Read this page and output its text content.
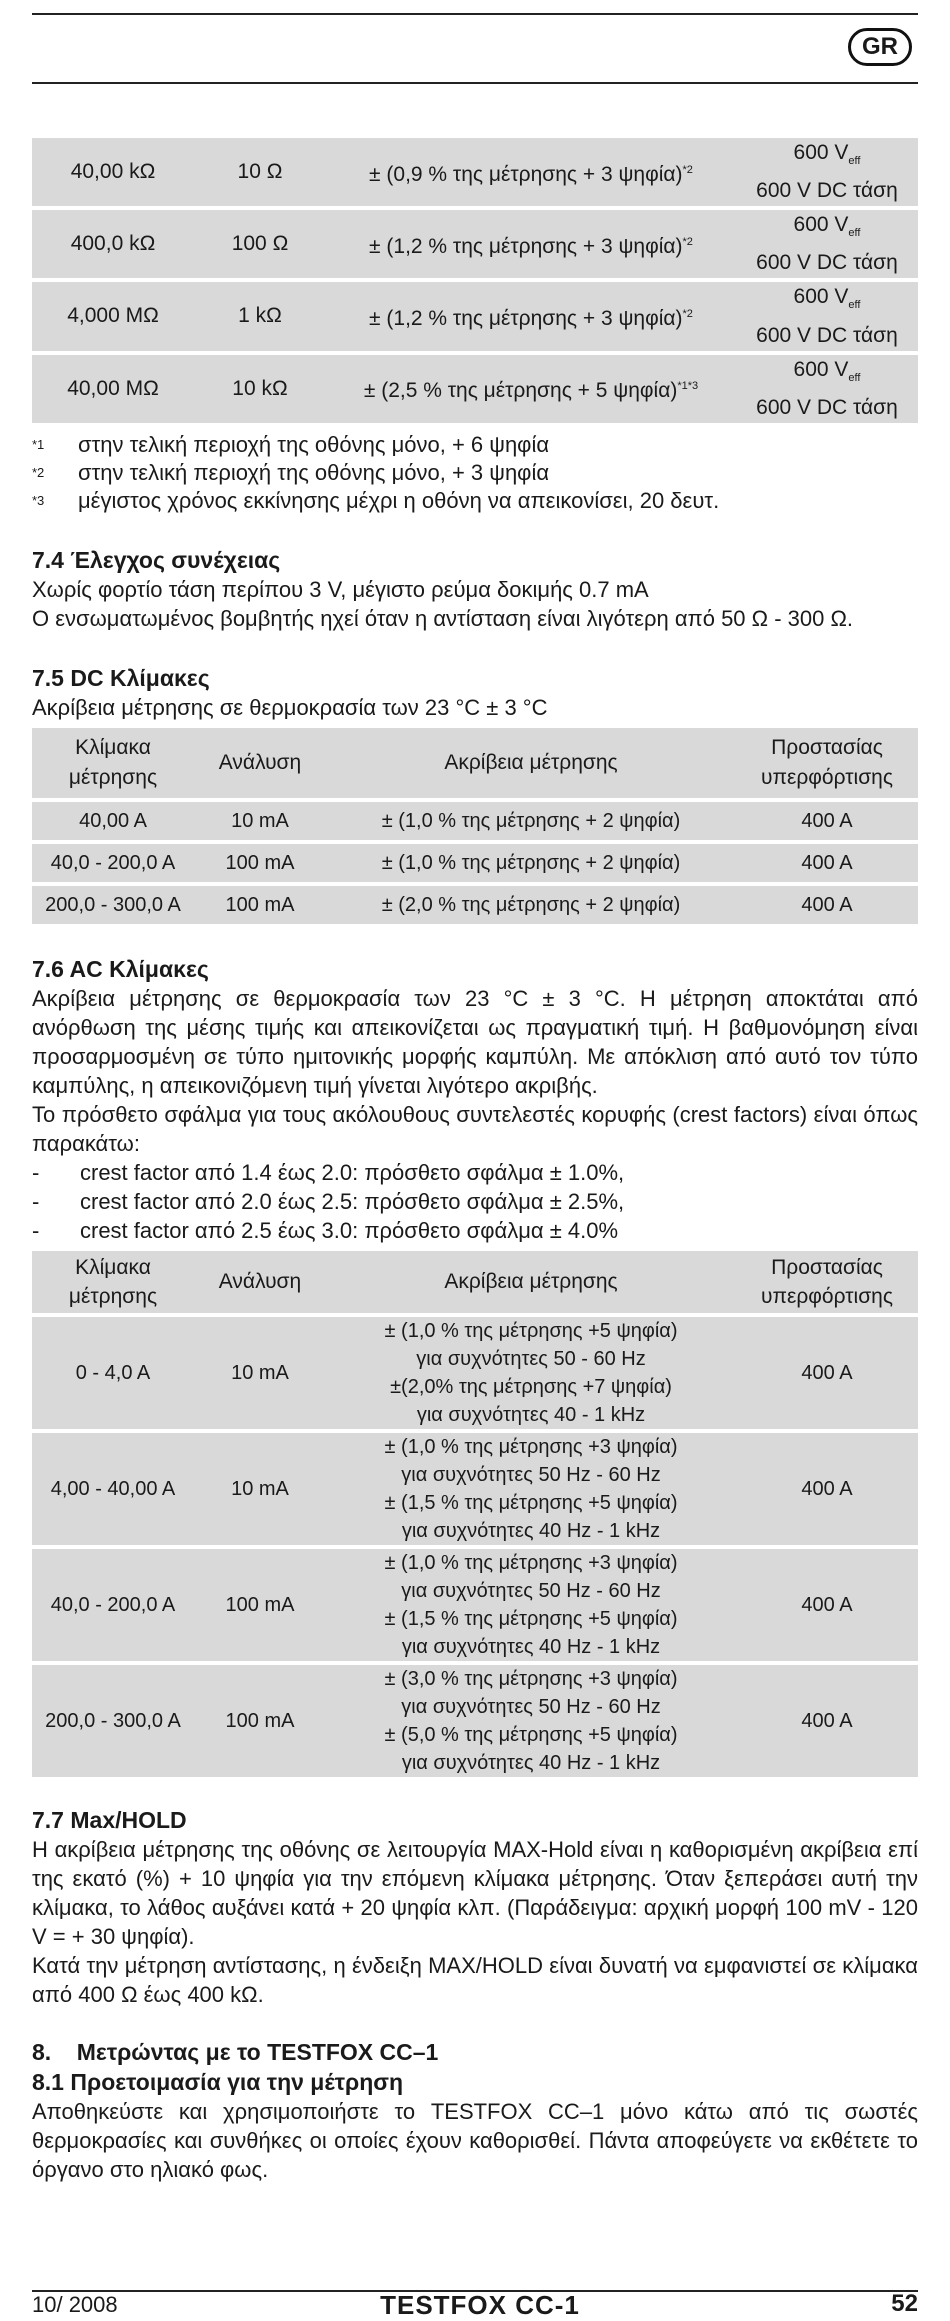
GR
40,00 kΩ	10 Ω	± (0,9 % της μέτρησης + 3 ψηφία)$^{*2}$	600 $V_{eff}$
600 V DC τάση
400,0 kΩ	100 Ω	± (1,2 % της μέτρησης + 3 ψηφία)$^{*2}$	600 $V_{eff}$
600 V DC τάση
4,000 MΩ	1 kΩ	± (1,2 % της μέτρησης + 3 ψηφία)$^{*2}$	600 $V_{eff}$
600 V DC τάση
40,00 MΩ	10 kΩ	± (2,5 % της μέτρησης + 5 ψηφία)$^{*1*3}$	600 $V_{eff}$
600 V DC τάση
*1	στην τελική περιοχή της οθόνης μόνο, + 6 ψηφία
*2	στην τελική περιοχή της οθόνης μόνο, + 3 ψηφία
*3	μέγιστος χρόνος εκκίνησης μέχρι η οθόνη να απεικονίσει, 20 δευτ.
7.4 Έλεγχος συνέχειας

Χωρίς φορτίο τάση περίπου 3 V, μέγιστο ρεύμα δοκιμής 0.7 mA

Ο ενσωματωμένος βομβητής ηχεί όταν η αντίσταση είναι λιγότερη από 50 Ω - 300 Ω.

7.5 DC Κλίμακες

Ακρίβεια μέτρησης σε θερμοκρασία των 23 °C ± 3 °C

Κλίμακα μέτρησης	Ανάλυση	Ακρίβεια μέτρησης	Προστασίας υπερφόρτισης
40,00 A	10 mA	± (1,0 % της μέτρησης + 2 ψηφία)	400 A
40,0 - 200,0 A	100 mA	± (1,0 % της μέτρησης + 2 ψηφία)	400 A
200,0 - 300,0 A	100 mA	± (2,0 % της μέτρησης + 2 ψηφία)	400 A
7.6 AC Κλίμακες

Ακρίβεια μέτρησης σε θερμοκρασία των 23 °C ± 3 °C. Η μέτρηση αποκτάται από ανόρθωση της μέσης τιμής και απεικονίζεται ως πραγματική τιμή. Η βαθμονόμηση είναι προσαρμοσμένη σε τύπο ημιτονικής μορφής καμπύλη. Με απόκλιση από αυτό τον τύπο καμπύλης, η απεικονιζόμενη τιμή γίνεται λιγότερο ακριβής.

Το πρόσθετο σφάλμα για τους ακόλουθους συντελεστές κορυφής (crest factors) είναι όπως παρακάτω:

-	crest factor από 1.4 έως 2.0: πρόσθετο σφάλμα ± 1.0%,
-	crest factor από 2.0 έως 2.5: πρόσθετο σφάλμα ± 2.5%,
-	crest factor από 2.5 έως 3.0: πρόσθετο σφάλμα ± 4.0%
Κλίμακα μέτρησης	Ανάλυση	Ακρίβεια μέτρησης	Προστασίας υπερφόρτισης
0 - 4,0 A	10 mA	± (1,0 % της μέτρησης +5 ψηφία)
για συχνότητες 50 - 60 Hz
±(2,0% της μέτρησης +7 ψηφία)
για συχνότητες 40 - 1 kHz	400 A
4,00 - 40,00 A	10 mA	± (1,0 % της μέτρησης +3 ψηφία)
για συχνότητες 50 Hz - 60 Hz
± (1,5 % της μέτρησης +5 ψηφία)
για συχνότητες 40 Hz - 1 kHz	400 A
40,0 - 200,0 A	100 mA	± (1,0 % της μέτρησης +3 ψηφία)
για συχνότητες 50 Hz - 60 Hz
± (1,5 % της μέτρησης +5 ψηφία)
για συχνότητες 40 Hz - 1 kHz	400 A
200,0 - 300,0 A	100 mA	± (3,0 % της μέτρησης +3 ψηφία)
για συχνότητες 50 Hz - 60 Hz
± (5,0 % της μέτρησης +5 ψηφία)
για συχνότητες 40 Hz - 1 kHz	400 A
7.7 Max/HOLD

Η ακρίβεια μέτρησης της οθόνης σε λειτουργία MAX-Hold είναι η καθορισμένη ακρίβεια επί της εκατό (%) + 10 ψηφία για την επόμενη κλίμακα μέτρησης. Όταν ξεπεράσει αυτή την κλίμακα, το λάθος αυξάνει κατά + 20 ψηφία κλπ. (Παράδειγμα: αρχική μορφή 100 mV - 120 V = + 30 ψηφία).

Κατά την μέτρηση αντίστασης, η ένδειξη MAX/HOLD είναι δυνατή να εμφανιστεί σε κλίμακα από 400 Ω έως 400 kΩ.

8.    Μετρώντας με το TESTFOX CC–1
8.1 Προετοιμασία για την μέτρηση

Αποθηκεύστε και χρησιμοποιήστε το TESTFOX CC–1 μόνο κάτω από τις σωστές θερμοκρασίες και συνθήκες οι οποίες έχουν καθορισθεί. Πάντα αποφεύγετε να εκθέτετε το όργανο στο ηλιακό φως.

10/ 2008	TESTFOX CC-1	52
